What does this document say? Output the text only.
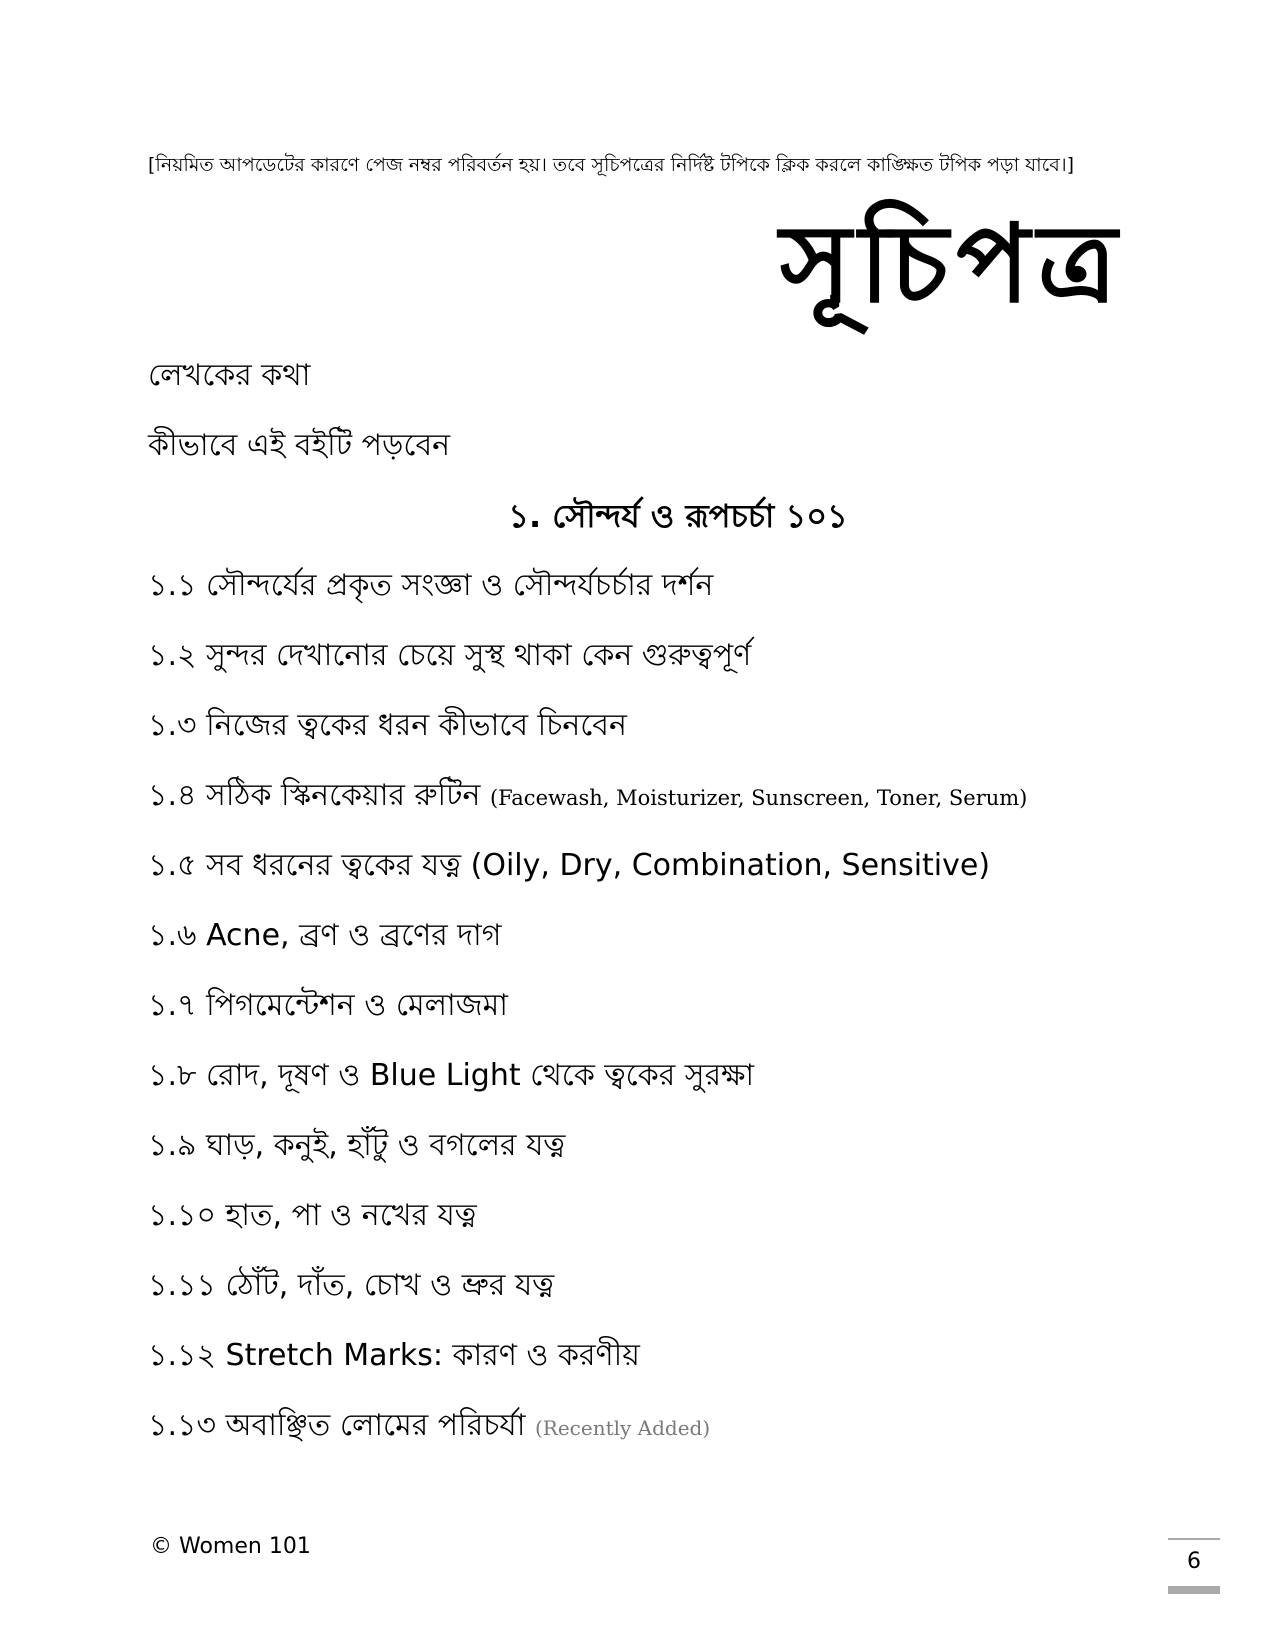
[নিয়মিত আপডেটের কারণে পেজ নম্বর পরিবর্তন হয়। তবে সূচিপত্রের নির্দিষ্ট টপিকে ক্লিক করলে কাঙ্ক্ষিত টপিক পড়া যাবে।]
সূচিপত্র
লেখকের কথা
কীভাবে এই বইটি পড়বেন
১. সৌন্দর্য ও রূপচর্চা ১০১
১.১ সৌন্দর্যের প্রকৃত সংজ্ঞা ও সৌন্দর্যচর্চার দর্শন
১.২ সুন্দর দেখানোর চেয়ে সুস্থ থাকা কেন গুরুত্বপূর্ণ
১.৩ নিজের ত্বকের ধরন কীভাবে চিনবেন
১.৪ সঠিক স্কিনকেয়ার রুটিন (Facewash, Moisturizer, Sunscreen, Toner, Serum)
১.৫ সব ধরনের ত্বকের যত্ন (Oily, Dry, Combination, Sensitive)
১.৬ Acne, ব্রণ ও ব্রণের দাগ
১.৭ পিগমেন্টেশন ও মেলাজমা
১.৮ রোদ, দূষণ ও Blue Light থেকে ত্বকের সুরক্ষা
১.৯ ঘাড়, কনুই, হাঁটু ও বগলের যত্ন
১.১০ হাত, পা ও নখের যত্ন
১.১১ ঠোঁট, দাঁত, চোখ ও ভ্রুর যত্ন
১.১২ Stretch Marks: কারণ ও করণীয়
১.১৩ অবাঞ্ছিত লোমের পরিচর্যা (Recently Added)
© Women 101
6
